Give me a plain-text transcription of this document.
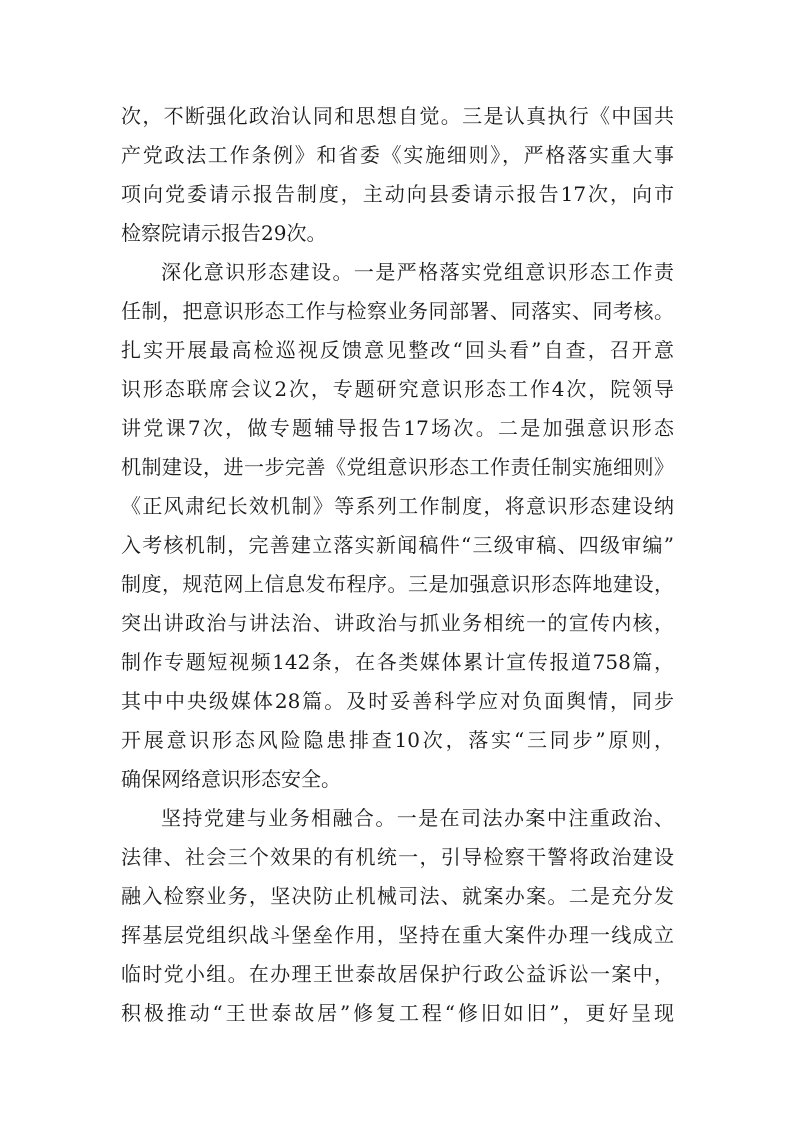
次，不断强化政治认同和思想自觉。三是认真执行《中国共
产党政法工作条例》和省委《实施细则》，严格落实重大事
项向党委请示报告制度，主动向县委请示报告17次，向市
检察院请示报告29次。
深化意识形态建设。一是严格落实党组意识形态工作责
任制，把意识形态工作与检察业务同部署、同落实、同考核。
扎实开展最高检巡视反馈意见整改“回头看”自查，召开意
识形态联席会议2次，专题研究意识形态工作4次，院领导
讲党课7次，做专题辅导报告17场次。二是加强意识形态
机制建设，进一步完善《党组意识形态工作责任制实施细则》
《正风肃纪长效机制》等系列工作制度，将意识形态建设纳
入考核机制，完善建立落实新闻稿件“三级审稿、四级审编”
制度，规范网上信息发布程序。三是加强意识形态阵地建设，
突出讲政治与讲法治、讲政治与抓业务相统一的宣传内核，
制作专题短视频142条，在各类媒体累计宣传报道758篇，
其中中央级媒体28篇。及时妥善科学应对负面舆情，同步
开展意识形态风险隐患排查10次，落实“三同步”原则，
确保网络意识形态安全。
坚持党建与业务相融合。一是在司法办案中注重政治、
法律、社会三个效果的有机统一，引导检察干警将政治建设
融入检察业务，坚决防止机械司法、就案办案。二是充分发
挥基层党组织战斗堡垒作用，坚持在重大案件办理一线成立
临时党小组。在办理王世泰故居保护行政公益诉讼一案中，
积极推动“王世泰故居”修复工程“修旧如旧”，更好呈现
